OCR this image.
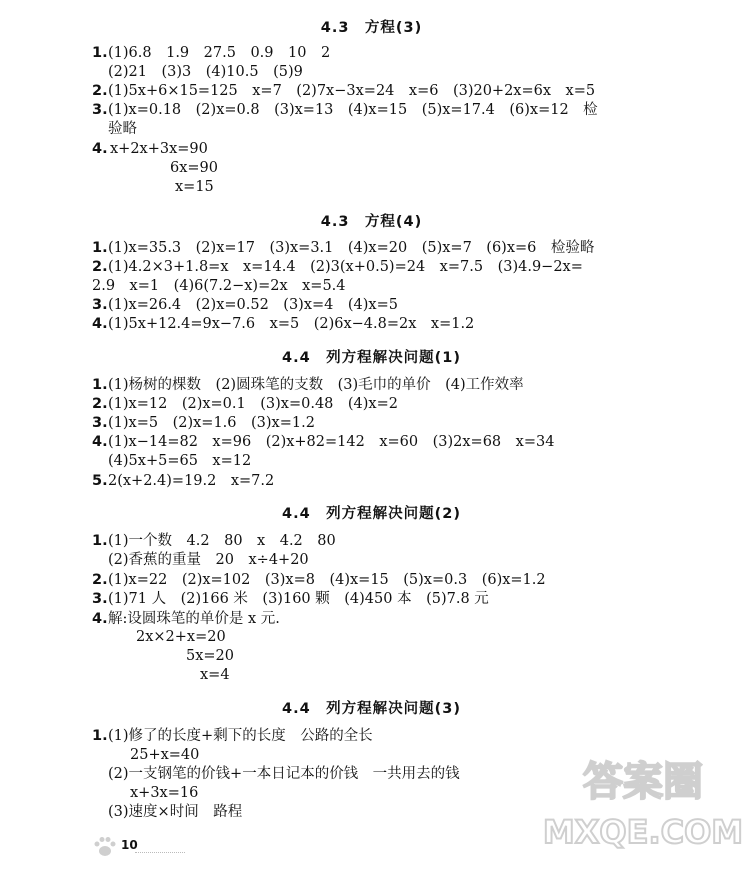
4.3　方程(3)
1. (1)6.8　1.9　27.5　0.9　10　2
(2)21　(3)3　(4)10.5　(5)9
2. (1)5x+6×15=125　x=7　(2)7x−3x=24　x=6　(3)20+2x=6x　x=5
3. (1)x=0.18　(2)x=0.8　(3)x=13　(4)x=15　(5)x=17.4　(6)x=12　检
验略
4. x+2x+3x=90
6x=90
x=15
4.3　方程(4)
1. (1)x=35.3　(2)x=17　(3)x=3.1　(4)x=20　(5)x=7　(6)x=6　检验略
2. (1)4.2×3+1.8=x　x=14.4　(2)3(x+0.5)=24　x=7.5　(3)4.9−2x=
2.9　x=1　(4)6(7.2−x)=2x　x=5.4
3. (1)x=26.4　(2)x=0.52　(3)x=4　(4)x=5
4. (1)5x+12.4=9x−7.6　x=5　(2)6x−4.8=2x　x=1.2
4.4　列方程解决问题(1)
1. (1)杨树的棵数　(2)圆珠笔的支数　(3)毛巾的单价　(4)工作效率
2. (1)x=12　(2)x=0.1　(3)x=0.48　(4)x=2
3. (1)x=5　(2)x=1.6　(3)x=1.2
4. (1)x−14=82　x=96　(2)x+82=142　x=60　(3)2x=68　x=34
(4)5x+5=65　x=12
5. 2(x+2.4)=19.2　x=7.2
4.4　列方程解决问题(2)
1. (1)一个数　4.2　80　x　4.2　80
(2)香蕉的重量　20　x÷4+20
2. (1)x=22　(2)x=102　(3)x=8　(4)x=15　(5)x=0.3　(6)x=1.2
3. (1)71 人　(2)166 米　(3)160 颗　(4)450 本　(5)7.8 元
4. 解:设圆珠笔的单价是 x 元.
2x×2+x=20
5x=20
x=4
4.4　列方程解决问题(3)
1. (1)修了的长度+剩下的长度　公路的全长
25+x=40
(2)一支钢笔的价钱+一本日记本的价钱　一共用去的钱
x+3x=16
(3)速度×时间　路程
10
答案圈
MXQE.COM
